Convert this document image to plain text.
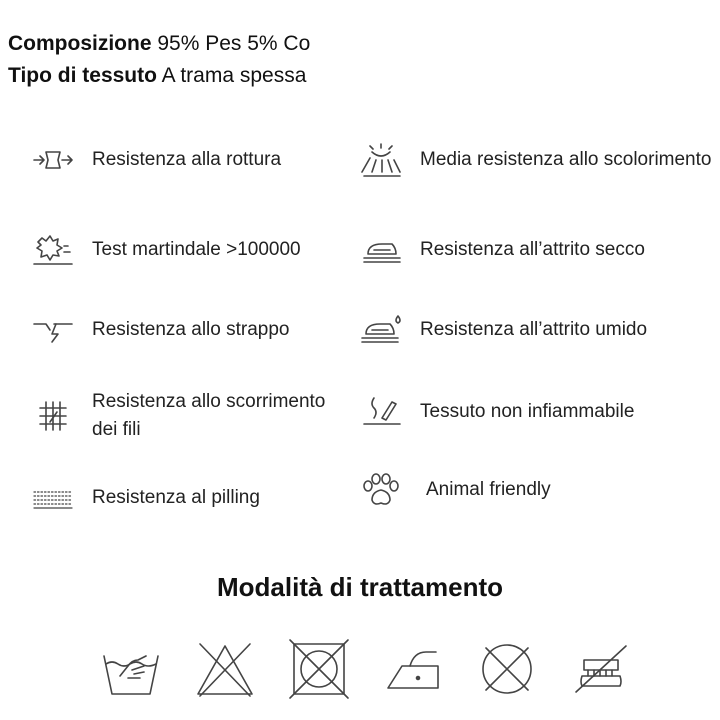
Composizione 95% Pes 5% Co
Tipo di tessuto A trama spessa
Resistenza alla rottura
Test martindale >100000
Resistenza allo strappo
Resistenza allo scorrimento dei fili
Resistenza al pilling
Media resistenza allo scolorimento
Resistenza all’attrito secco
Resistenza all’attrito umido
Tessuto non infiammabile
Animal friendly
Modalità di trattamento
